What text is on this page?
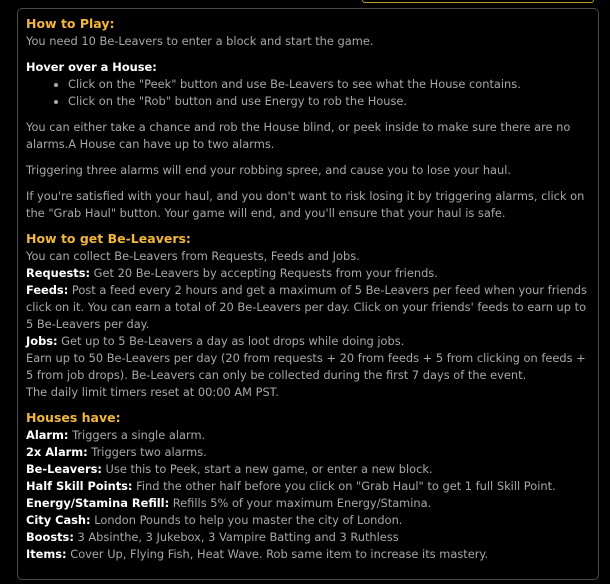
How to Play:

You need 10 Be-Leavers to enter a block and start the game.

Hover over a House:

• Click on the "Peek" button and use Be-Leavers to see what the House contains.
• Click on the "Rob" button and use Energy to rob the House.

You can either take a chance and rob the House blind, or peek inside to make sure there are no alarms.A House can have up to two alarms.

Triggering three alarms will end your robbing spree, and cause you to lose your haul.

If you're satisfied with your haul, and you don't want to risk losing it by triggering alarms, click on the "Grab Haul" button. Your game will end, and you'll ensure that your haul is safe.

How to get Be-Leavers:

You can collect Be-Leavers from Requests, Feeds and Jobs.

Requests: Get 20 Be-Leavers by accepting Requests from your friends.

Feeds: Post a feed every 2 hours and get a maximum of 5 Be-Leavers per feed when your friends click on it. You can earn a total of 20 Be-Leavers per day. Click on your friends' feeds to earn up to 5 Be-Leavers per day.

Jobs: Get up to 5 Be-Leavers a day as loot drops while doing jobs.

Earn up to 50 Be-Leavers per day (20 from requests + 20 from feeds + 5 from clicking on feeds + 5 from job drops). Be-Leavers can only be collected during the first 7 days of the event.

The daily limit timers reset at 00:00 AM PST.

Houses have:

Alarm: Triggers a single alarm.

2x Alarm: Triggers two alarms.

Be-Leavers: Use this to Peek, start a new game, or enter a new block.

Half Skill Points: Find the other half before you click on "Grab Haul" to get 1 full Skill Point.

Energy/Stamina Refill: Refills 5% of your maximum Energy/Stamina.

City Cash: London Pounds to help you master the city of London.

Boosts: 3 Absinthe, 3 Jukebox, 3 Vampire Batting and 3 Ruthless

Items: Cover Up, Flying Fish, Heat Wave. Rob same item to increase its mastery.
